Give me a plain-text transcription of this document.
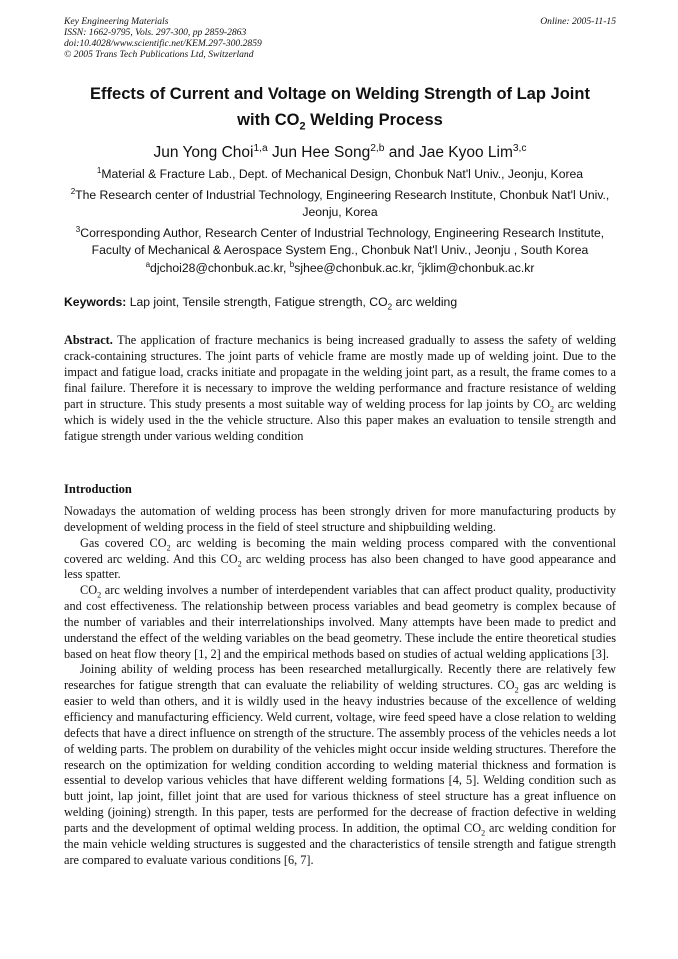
Key Engineering Materials
ISSN: 1662-9795, Vols. 297-300, pp 2859-2863
doi:10.4028/www.scientific.net/KEM.297-300.2859
© 2005 Trans Tech Publications Ltd, Switzerland
Online: 2005-11-15
Effects of Current and Voltage on Welding Strength of Lap Joint
with $CO_2$ Welding Process
Jun Yong Choi$^{1,a}$ Jun Hee Song$^{2,b}$ and Jae Kyoo Lim$^{3,c}$
$^1$Material & Fracture Lab., Dept. of Mechanical Design, Chonbuk Nat'l Univ., Jeonju, Korea
$^2$The Research center of Industrial Technology, Engineering Research Institute, Chonbuk Nat'l Univ., Jeonju, Korea
$^3$Corresponding Author, Research Center of Industrial Technology, Engineering Research Institute, Faculty of Mechanical & Aerospace System Eng., Chonbuk Nat'l Univ., Jeonju , South Korea
$^a$djchoi28@chonbuk.ac.kr, $^b$sjhee@chonbuk.ac.kr, $^c$jklim@chonbuk.ac.kr
Keywords: Lap joint, Tensile strength, Fatigue strength, $CO_2$ arc welding

Abstract. The application of fracture mechanics is being increased gradually to assess the safety of welding crack-containing structures. The joint parts of vehicle frame are mostly made up of welding joint. Due to the impact and fatigue load, cracks initiate and propagate in the welding joint part, as a result, the frame comes to a final failure. Therefore it is necessary to improve the welding performance and fracture resistance of welding part in structure. This study presents a most suitable way of welding process for lap joints by $CO_2$ arc welding which is widely used in the the vehicle structure. Also this paper makes an evaluation to tensile strength and fatigue strength under various welding condition

Introduction

Nowadays the automation of welding process has been strongly driven for more manufacturing products by development of welding process in the field of steel structure and shipbuilding welding.

Gas covered $CO_2$ arc welding is becoming the main welding process compared with the conventional covered arc welding. And this $CO_2$ arc welding process has also been changed to have good appearance and less spatter.

$CO_2$ arc welding involves a number of interdependent variables that can affect product quality, productivity and cost effectiveness. The relationship between process variables and bead geometry is complex because of the number of variables and their interrelationships involved. Many attempts have been made to predict and understand the effect of the welding variables on the bead geometry. These include the entire theoretical studies based on heat flow theory [1, 2] and the empirical methods based on studies of actual welding applications [3].

Joining ability of welding process has been researched metallurgically. Recently there are relatively few researches for fatigue strength that can evaluate the reliability of welding structures. $CO_2$ gas arc welding is easier to weld than others, and it is wildly used in the heavy industries because of the excellence of welding efficiency and manufacturing efficiency. Weld current, voltage, wire feed speed have a close relation to welding defects that have a direct influence on strength of the structure. The assembly process of the vehicles needs a lot of welding parts. The problem on durability of the vehicles might occur inside welding structures. Therefore the research on the optimization for welding condition according to welding material thickness and formation is essential to develop various vehicles that have different welding formations [4, 5]. Welding condition such as butt joint, lap joint, fillet joint that are used for various thickness of steel structure has a great influence on welding (joining) strength. In this paper, tests are performed for the decrease of fraction defective in welding parts and the development of optimal welding process. In addition, the optimal $CO_2$ arc welding condition for the main vehicle welding structures is suggested and the characteristics of tensile strength and fatigue strength are compared to evaluate various conditions [6, 7].
